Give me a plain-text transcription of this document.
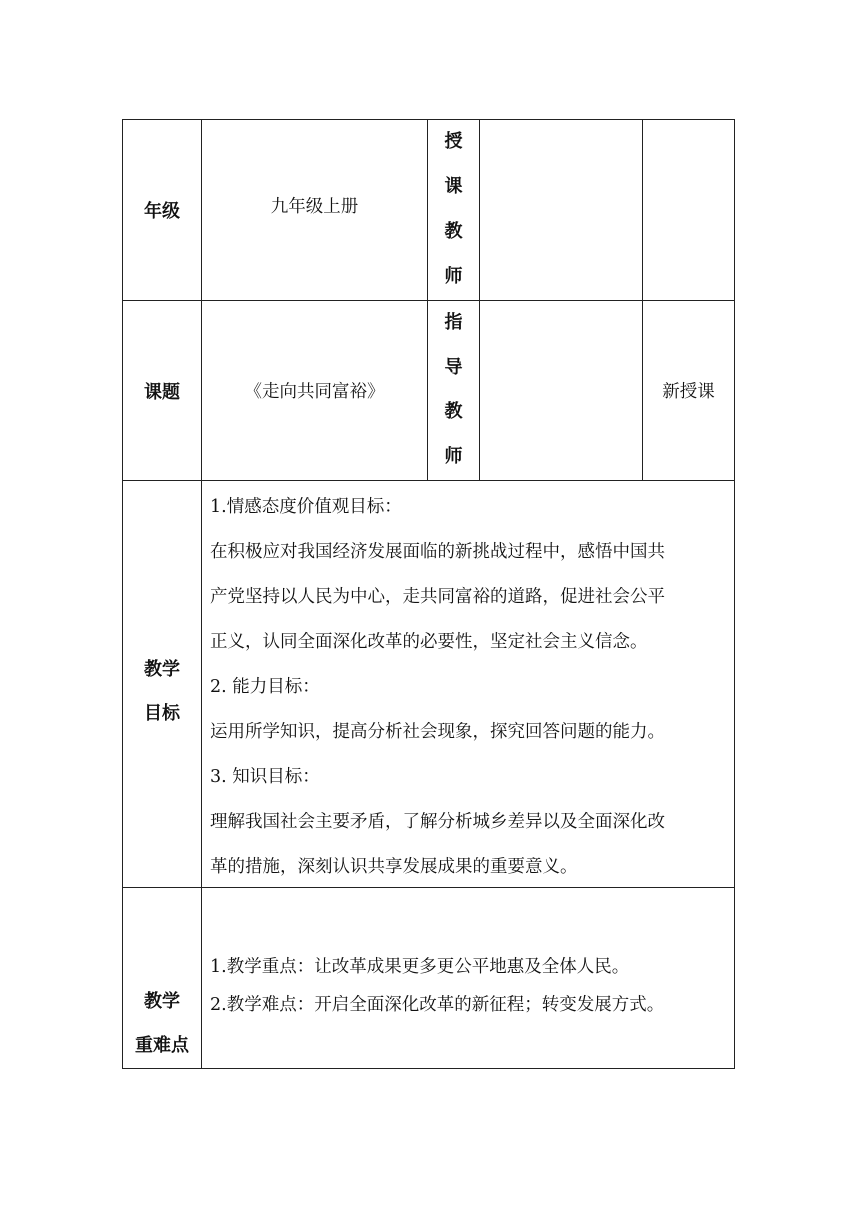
年级	九年级上册
授
课
教
师
课题	《走向共同富裕》
指
导
教
师
新授课
教学
目标
1.情感态度价值观目标：
在积极应对我国经济发展面临的新挑战过程中，感悟中国共
产党坚持以人民为中心，走共同富裕的道路，促进社会公平
正义，认同全面深化改革的必要性，坚定社会主义信念。
2. 能力目标：
运用所学知识，提高分析社会现象，探究回答问题的能力。
3. 知识目标：
理解我国社会主要矛盾，了解分析城乡差异以及全面深化改
革的措施，深刻认识共享发展成果的重要意义。
教学
重难点
1.教学重点：让改革成果更多更公平地惠及全体人民。
2.教学难点：开启全面深化改革的新征程；转变发展方式。
